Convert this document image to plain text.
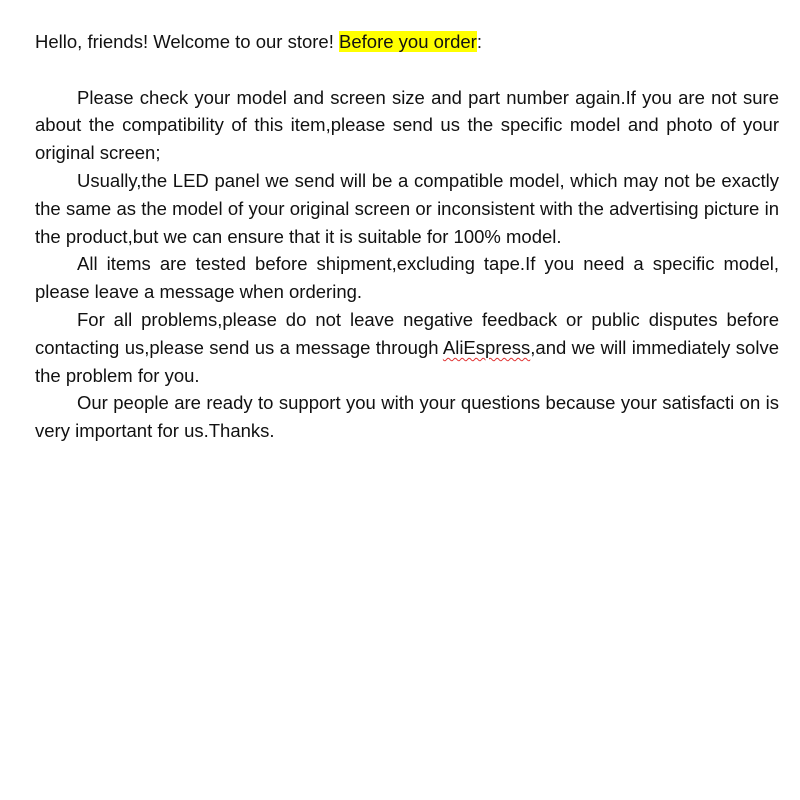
Hello, friends! Welcome to our store! Before you order:

Please check your model and screen size and part number again.If you are not sure about the compatibility of this item,please send us the specific model and photo of your original screen;

Usually,the LED panel we send will be a compatible model, which may not be exactly the same as the model of your original screen or inconsistent with the advertising picture in the product,but we can ensure that it is suitable for 100% model.

All items are tested before shipment,excluding tape.If you need a specific model, please leave a message when ordering.

For all problems,please do not leave negative feedback or public disputes before contacting us,please send us a message through AliEspress,and we will immediately solve the problem for you.

Our people are ready to support you with your questions because your satisfacti on is very important for us.Thanks.
